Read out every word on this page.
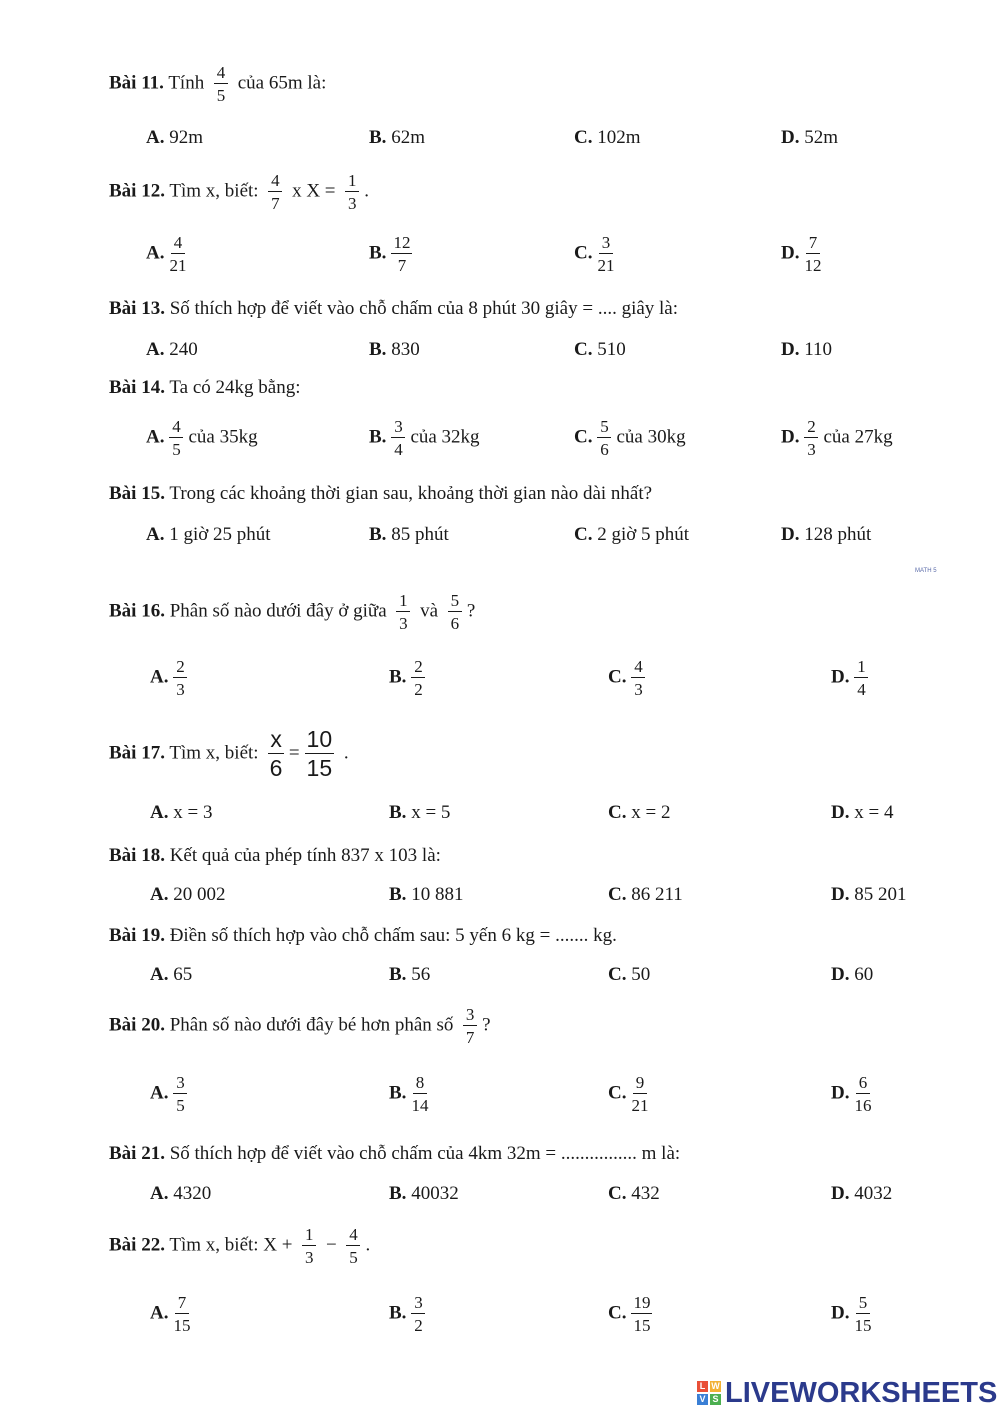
Bài 11. Tính $\frac{4}{5}$ của 65m là:
A. 92m	B. 62m	C. 102m	D. 52m
Bài 12. Tìm x, biết: $\frac{4}{7}$ x $X = \frac{1}{3}$ .
A. $\frac{4}{21}$	B. $\frac{12}{7}$	C. $\frac{3}{21}$	D. $\frac{7}{12}$
Bài 13. Số thích hợp để viết vào chỗ chấm của 8 phút 30 giây = .... giây là:
A. 240	B. 830	C. 510	D. 110
Bài 14. Ta có 24kg bằng:
A. $\frac{4}{5}$ của 35kg	B. $\frac{3}{4}$ của 32kg	C. $\frac{5}{6}$ của 30kg	D. $\frac{2}{3}$ của 27kg
Bài 15. Trong các khoảng thời gian sau, khoảng thời gian nào dài nhất?
A. 1 giờ 25 phút	B. 85 phút	C. 2 giờ 5 phút	D. 128 phút
MATH 5
Bài 16. Phân số nào dưới đây ở giữa $\frac{1}{3}$ và $\frac{5}{6}$ ?
A. $\frac{2}{3}$	B. $\frac{2}{2}$	C. $\frac{4}{3}$	D. $\frac{1}{4}$
Bài 17. Tìm x, biết: $\frac{x}{6} = \frac{10}{15}$ .
A. x = 3	B. x = 5	C. x = 2	D. x = 4
Bài 18. Kết quả của phép tính 837 x 103 là:
A. 20 002	B. 10 881	C. 86 211	D. 85 201
Bài 19. Điền số thích hợp vào chỗ chấm sau: 5 yến 6 kg = ....... kg.
A. 65	B. 56	C. 50	D. 60
Bài 20. Phân số nào dưới đây bé hơn phân số $\frac{3}{7}$ ?
A. $\frac{3}{5}$	B. $\frac{8}{14}$	C. $\frac{9}{21}$	D. $\frac{6}{16}$
Bài 21. Số thích hợp để viết vào chỗ chấm của 4km 32m = ................ m là:
A. 4320	B. 40032	C. 432	D. 4032
Bài 22. Tìm x, biết: $X + \frac{1}{3} - \frac{4}{5}$ .
A. $\frac{7}{15}$	B. $\frac{3}{2}$	C. $\frac{19}{15}$	D. $\frac{5}{15}$
L W
V S LIVEWORKSHEETS
